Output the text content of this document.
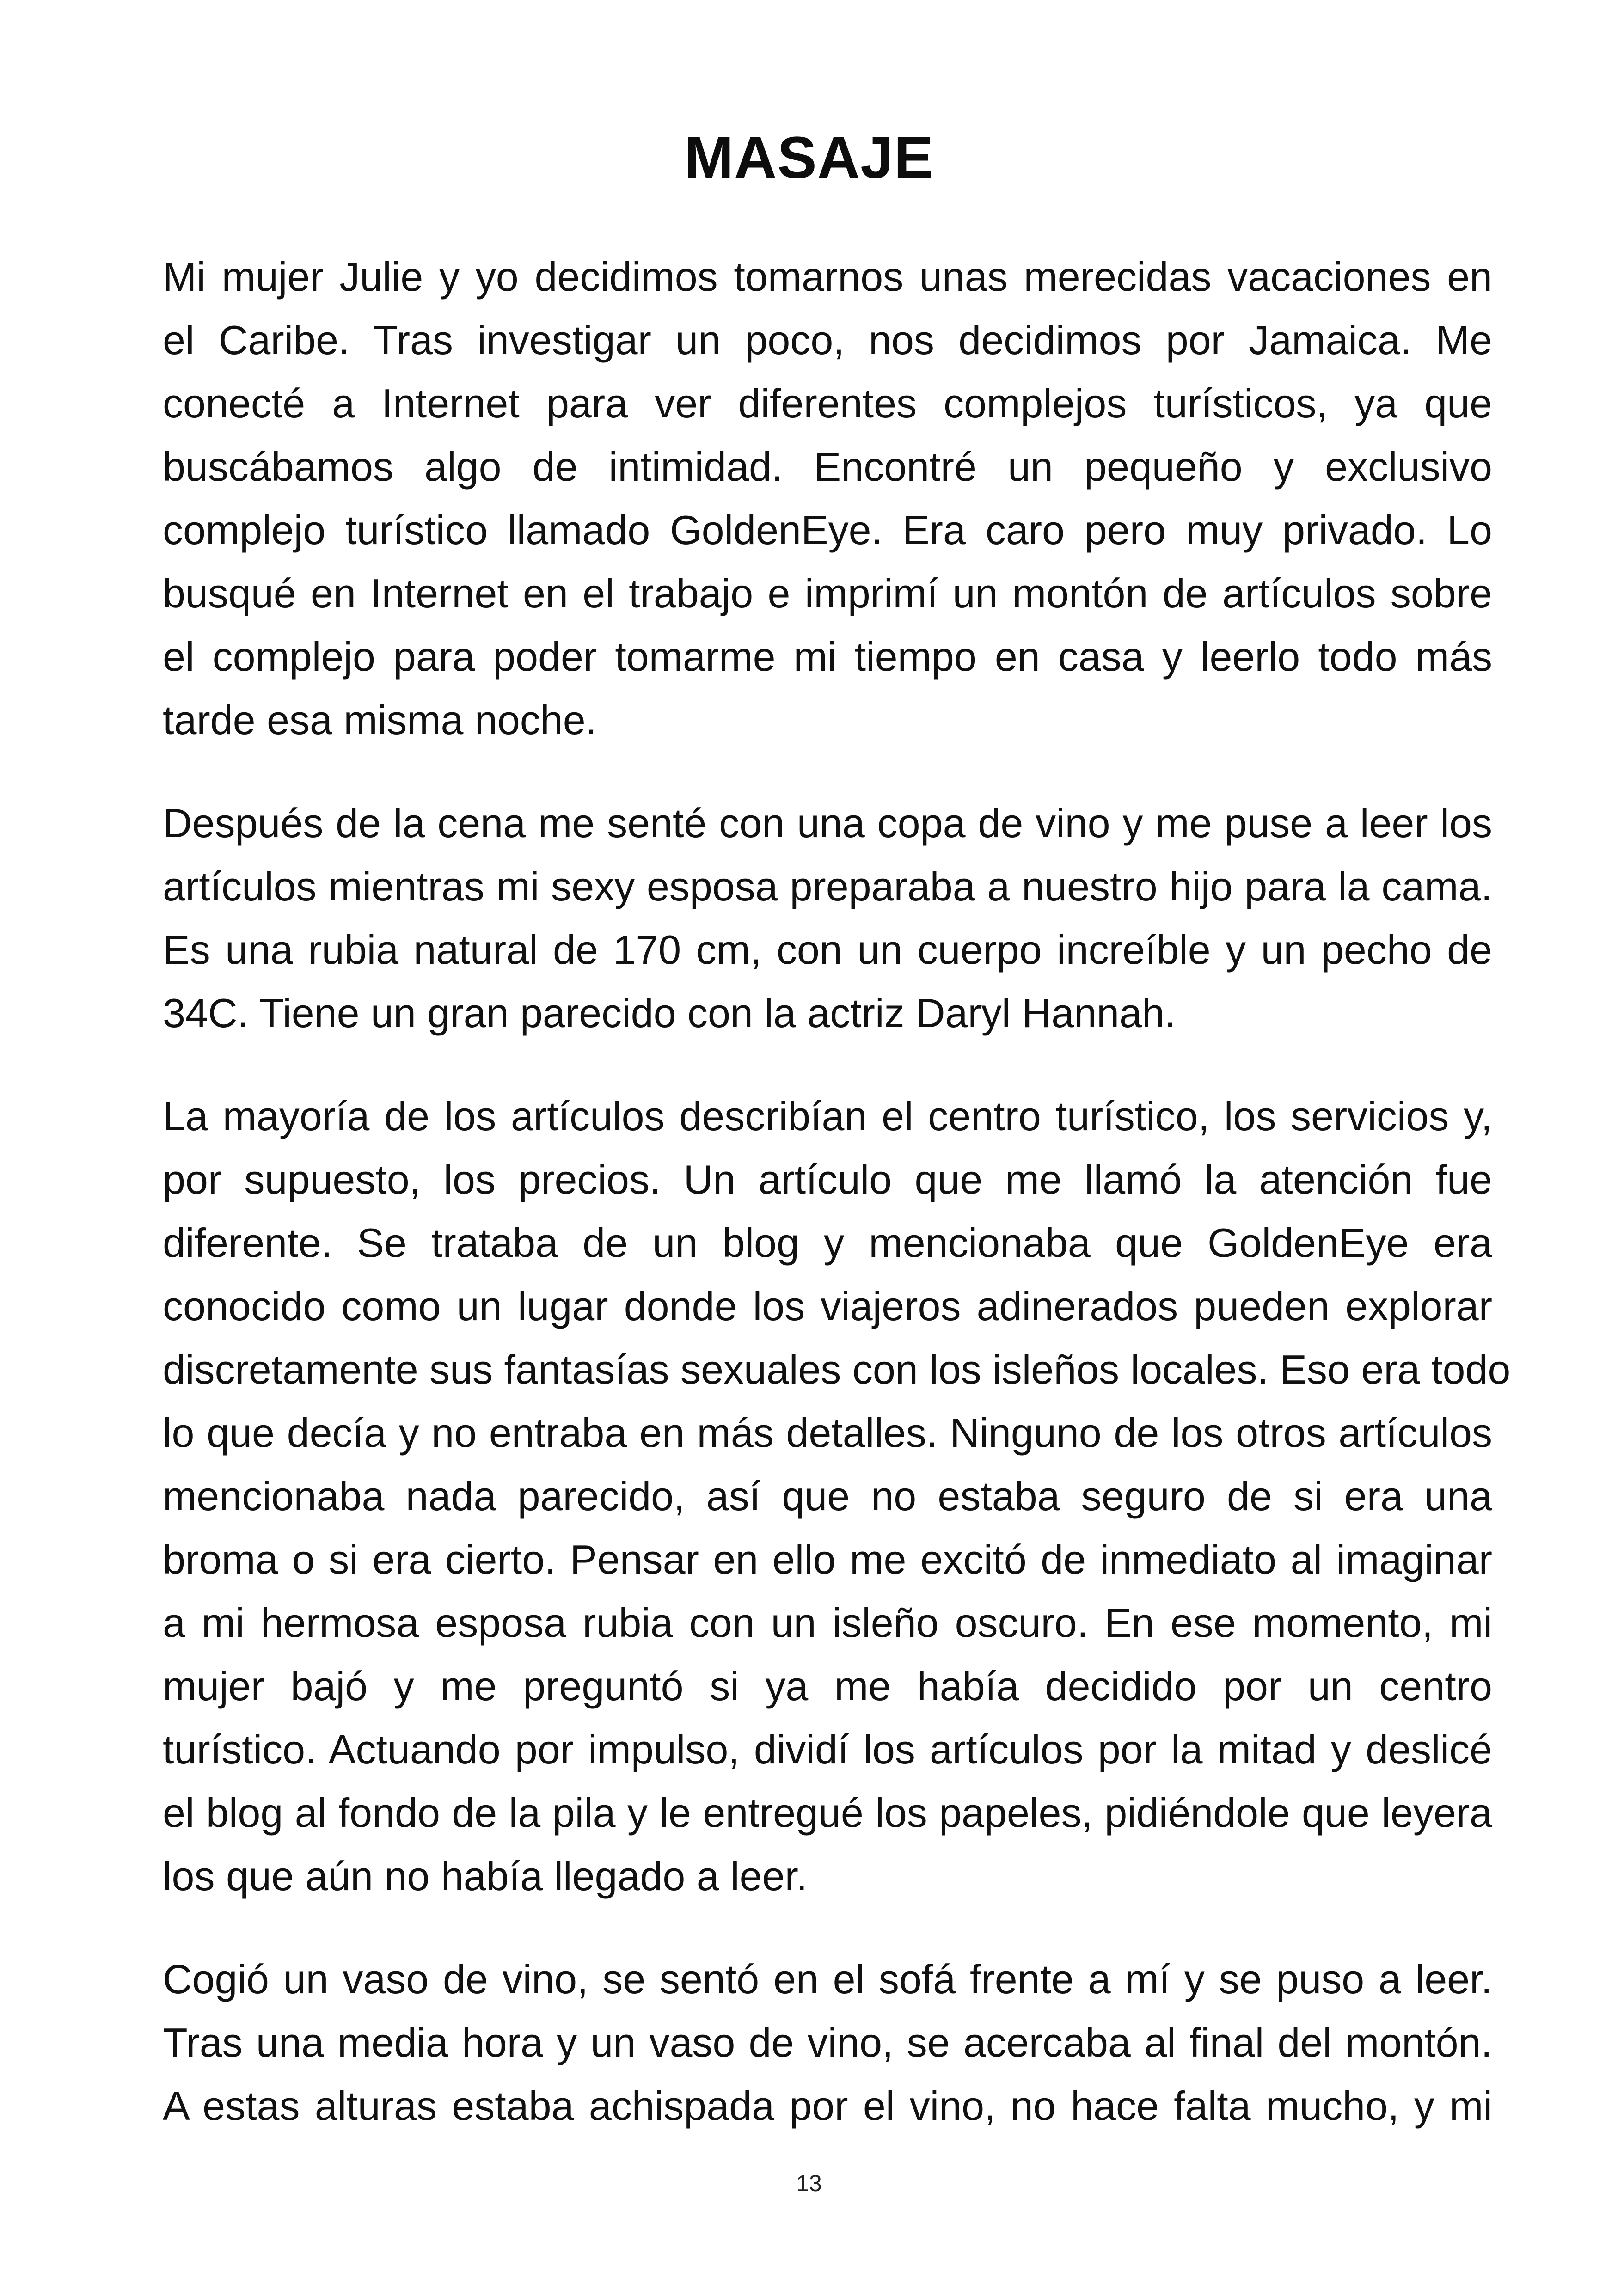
MASAJE
Mi mujer Julie y yo decidimos tomarnos unas merecidas vacaciones en
el Caribe. Tras investigar un poco, nos decidimos por Jamaica. Me
conecté a Internet para ver diferentes complejos turísticos, ya que
buscábamos algo de intimidad. Encontré un pequeño y exclusivo
complejo turístico llamado GoldenEye. Era caro pero muy privado. Lo
busqué en Internet en el trabajo e imprimí un montón de artículos sobre
el complejo para poder tomarme mi tiempo en casa y leerlo todo más
tarde esa misma noche.
Después de la cena me senté con una copa de vino y me puse a leer los
artículos mientras mi sexy esposa preparaba a nuestro hijo para la cama.
Es una rubia natural de 170 cm, con un cuerpo increíble y un pecho de
34C. Tiene un gran parecido con la actriz Daryl Hannah.
La mayoría de los artículos describían el centro turístico, los servicios y,
por supuesto, los precios. Un artículo que me llamó la atención fue
diferente. Se trataba de un blog y mencionaba que GoldenEye era
conocido como un lugar donde los viajeros adinerados pueden explorar
discretamente sus fantasías sexuales con los isleños locales. Eso era todo
lo que decía y no entraba en más detalles. Ninguno de los otros artículos
mencionaba nada parecido, así que no estaba seguro de si era una
broma o si era cierto. Pensar en ello me excitó de inmediato al imaginar
a mi hermosa esposa rubia con un isleño oscuro. En ese momento, mi
mujer bajó y me preguntó si ya me había decidido por un centro
turístico. Actuando por impulso, dividí los artículos por la mitad y deslicé
el blog al fondo de la pila y le entregué los papeles, pidiéndole que leyera
los que aún no había llegado a leer.
Cogió un vaso de vino, se sentó en el sofá frente a mí y se puso a leer.
Tras una media hora y un vaso de vino, se acercaba al final del montón.
A estas alturas estaba achispada por el vino, no hace falta mucho, y mi
13
